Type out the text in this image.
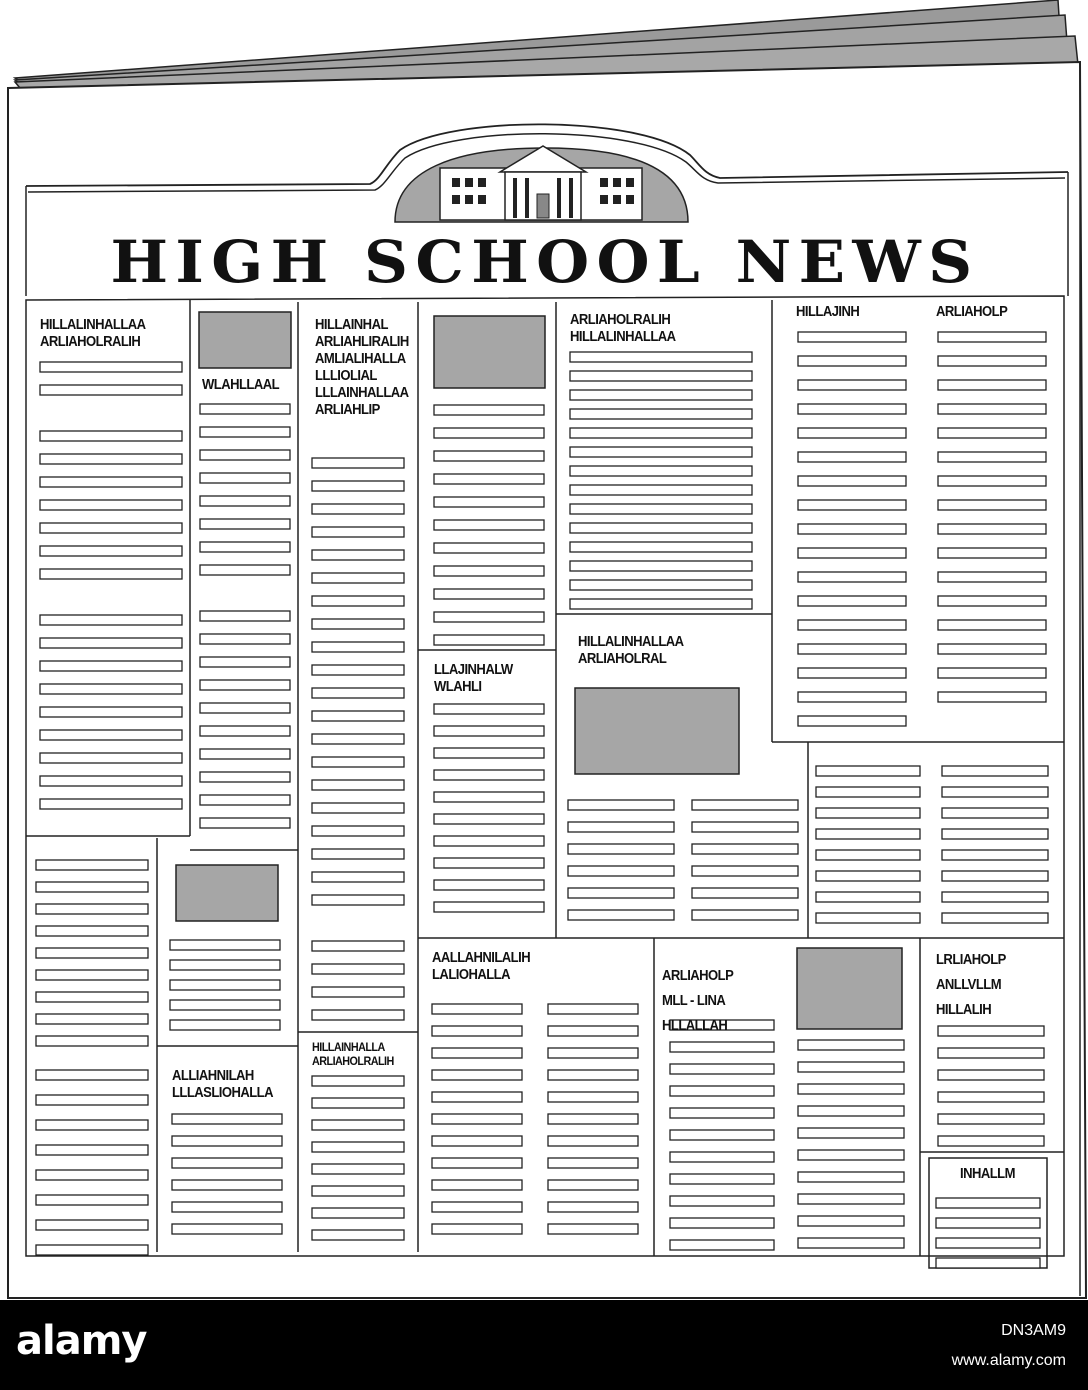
HIGH SCHOOL NEWS
HILLALINHALLAA
ARLIAHOLRALIH
WLAHLLAAL
HILLAINHAL
ARLIAHLIRALIH
AMLIALIHALLA
LLLIOLIAL
LLLAINHALLAA
ARLIAHLIP
ARLIAHOLRALIH
HILLALINHALLAA
HILLAJINH	ARLIAHOLP
LLAJINHALW
WLAHLI
HILLALINHALLAA
ARLIAHOLRAL
ALLIAHNILAH
LLLASLIOHALLA
HILLAINHALLA
ARLIAHOLRALIH
AALLAHNILALIH
LALIOHALLA	ARLIAHOLP
MLL - LINA
HLLALLAH
LRLIAHOLP
ANLLVLLM
HILLALIH
INHALLM
alamy	DN3AM9
www.alamy.com
